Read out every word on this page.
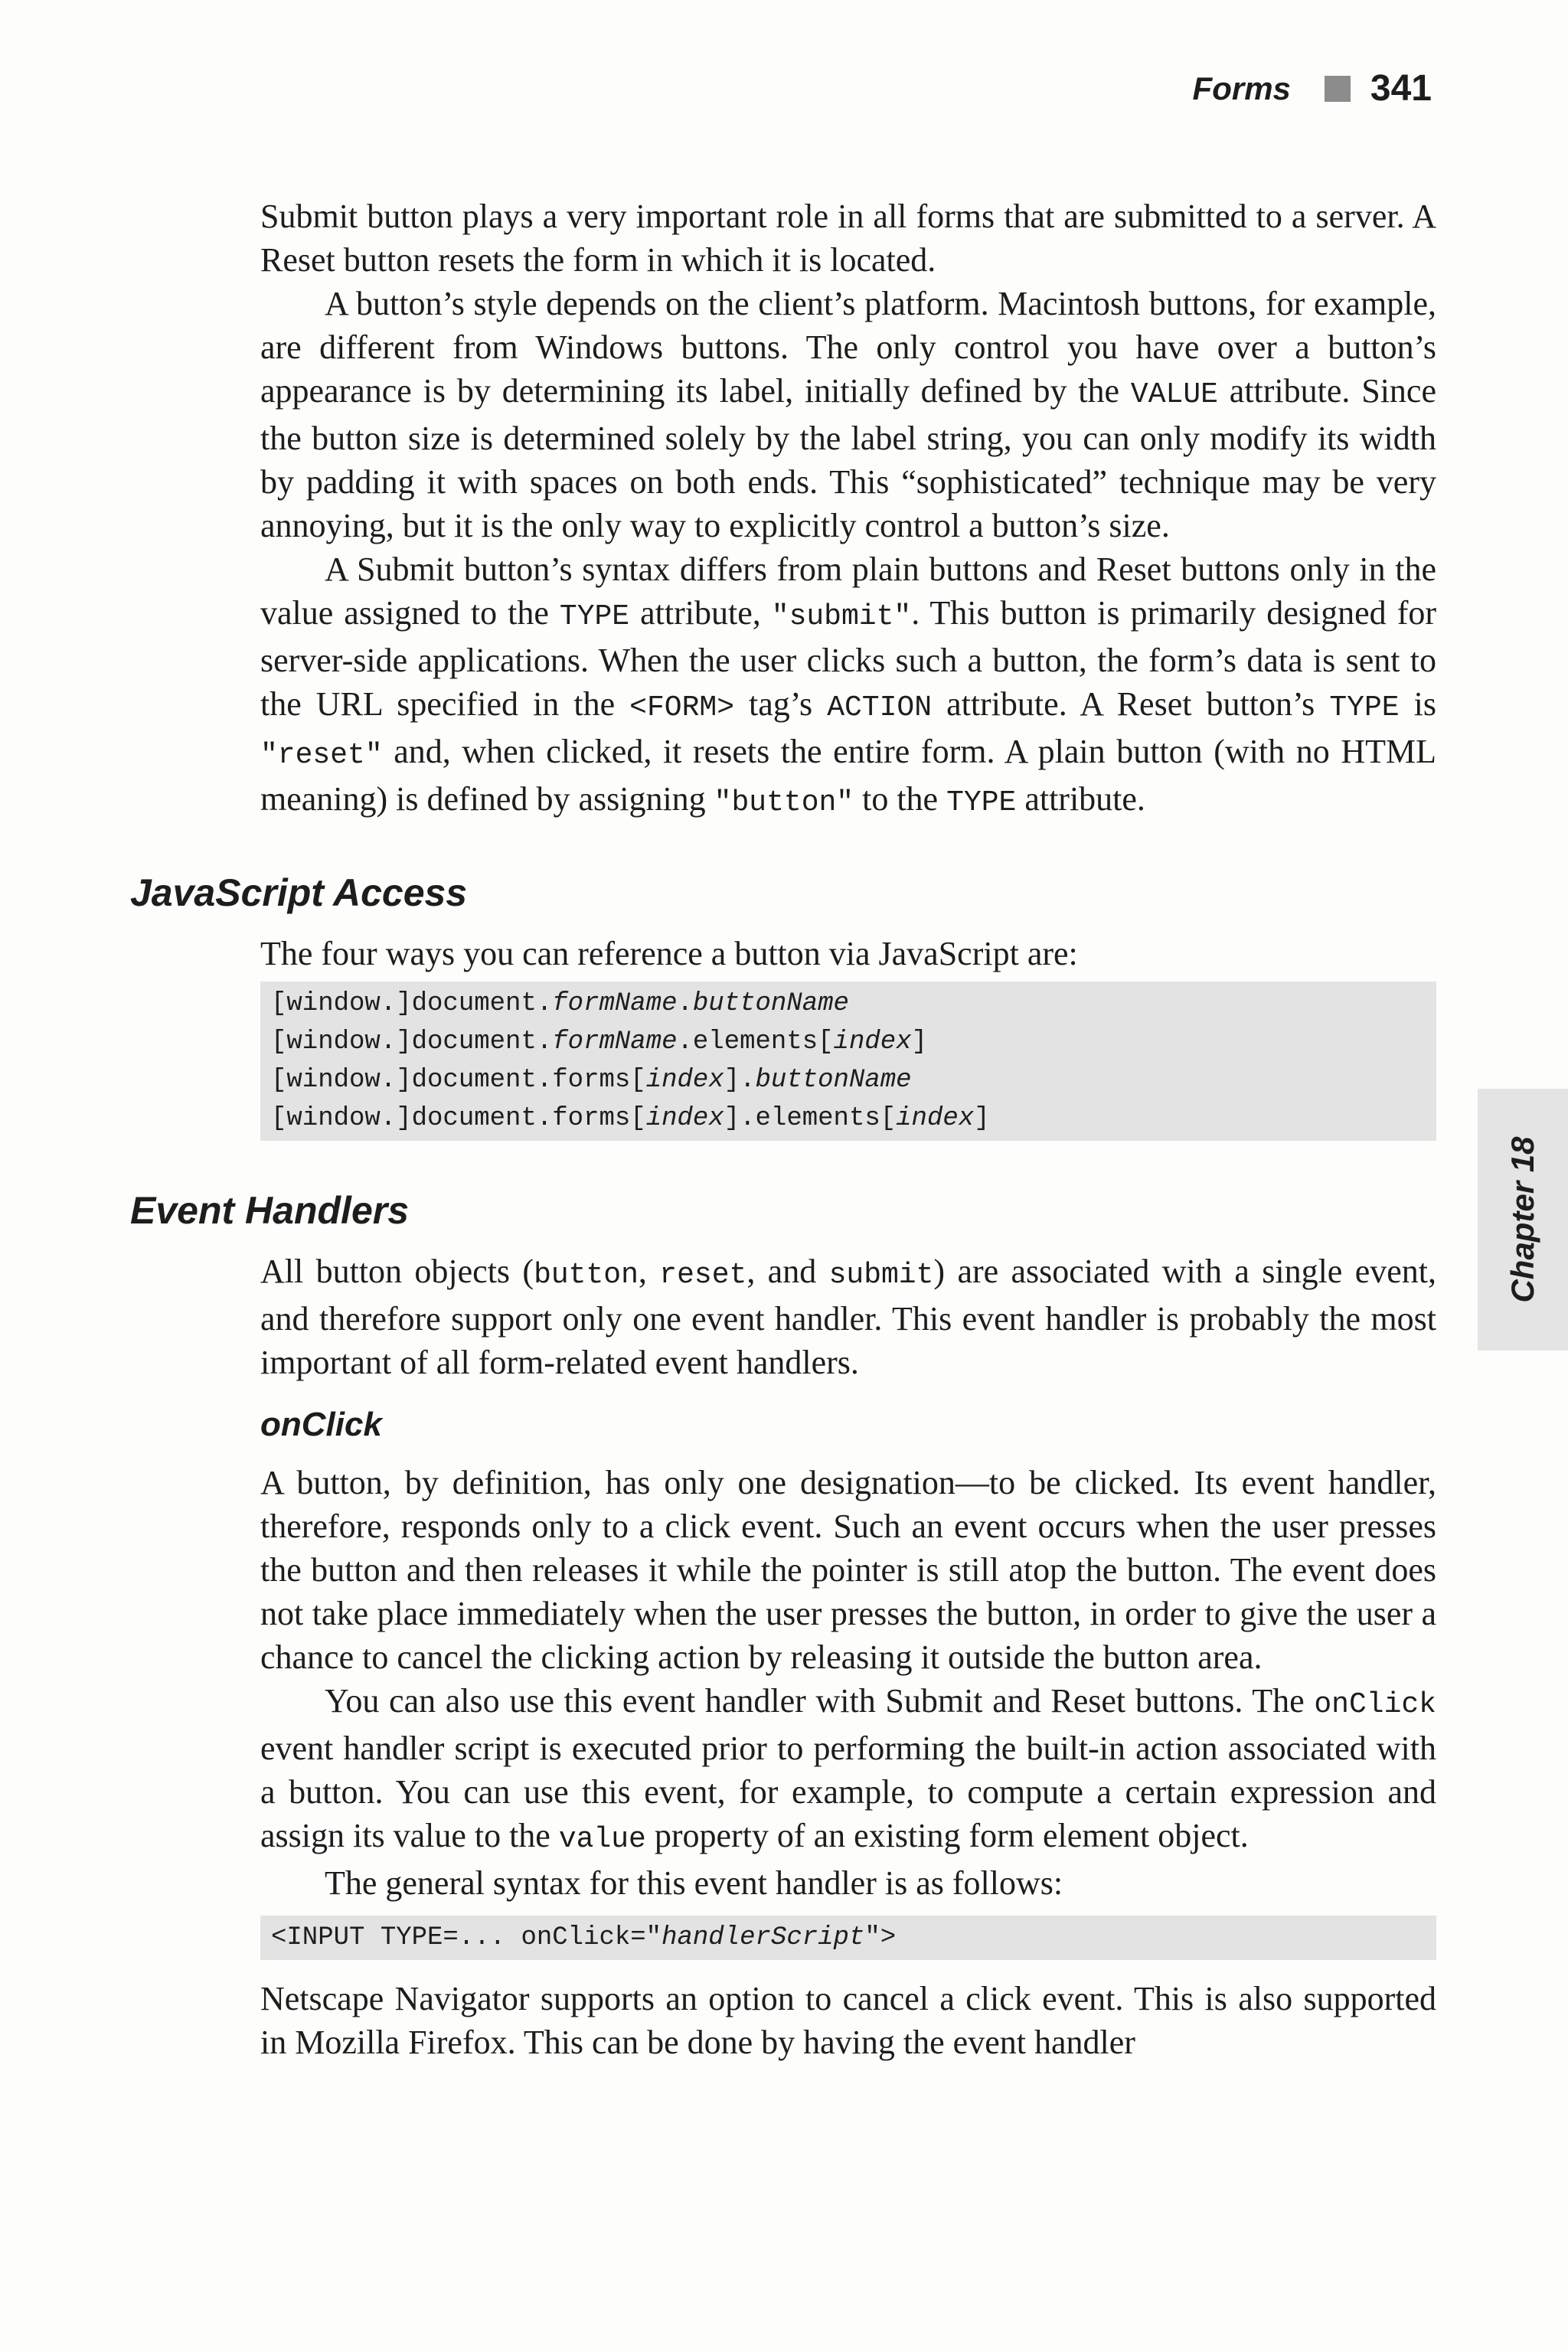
Forms 341
Chapter 18

Submit button plays a very important role in all forms that are submitted to a server. A Reset button resets the form in which it is located.

A button’s style depends on the client’s platform. Macintosh buttons, for example, are different from Windows buttons. The only control you have over a button’s appearance is by determining its label, initially defined by the VALUE attribute. Since the button size is determined solely by the label string, you can only modify its width by padding it with spaces on both ends. This “sophisticated” technique may be very annoying, but it is the only way to explicitly control a button’s size.

A Submit button’s syntax differs from plain buttons and Reset buttons only in the value assigned to the TYPE attribute, "submit". This button is primarily designed for server-side applications. When the user clicks such a button, the form’s data is sent to the URL specified in the <FORM> tag’s ACTION attribute. A Reset button’s TYPE is "reset" and, when clicked, it resets the entire form. A plain button (with no HTML meaning) is defined by assigning "button" to the TYPE attribute.

JavaScript Access

The four ways you can reference a button via JavaScript are:

[window.]document.formName.buttonName
[window.]document.formName.elements[index]
[window.]document.forms[index].buttonName
[window.]document.forms[index].elements[index]
Event Handlers

All button objects (button, reset, and submit) are associated with a single event, and therefore support only one event handler. This event handler is probably the most important of all form-related event handlers.

onClick

A button, by definition, has only one designation—to be clicked. Its event handler, therefore, responds only to a click event. Such an event occurs when the user presses the button and then releases it while the pointer is still atop the button. The event does not take place immediately when the user presses the button, in order to give the user a chance to cancel the clicking action by releasing it outside the button area.

You can also use this event handler with Submit and Reset buttons. The onClick event handler script is executed prior to performing the built-in action associated with a button. You can use this event, for example, to compute a certain expression and assign its value to the value property of an existing form element object.

The general syntax for this event handler is as follows:

<INPUT TYPE=... onClick="handlerScript">

Netscape Navigator supports an option to cancel a click event. This is also supported in Mozilla Firefox. This can be done by having the event handler
